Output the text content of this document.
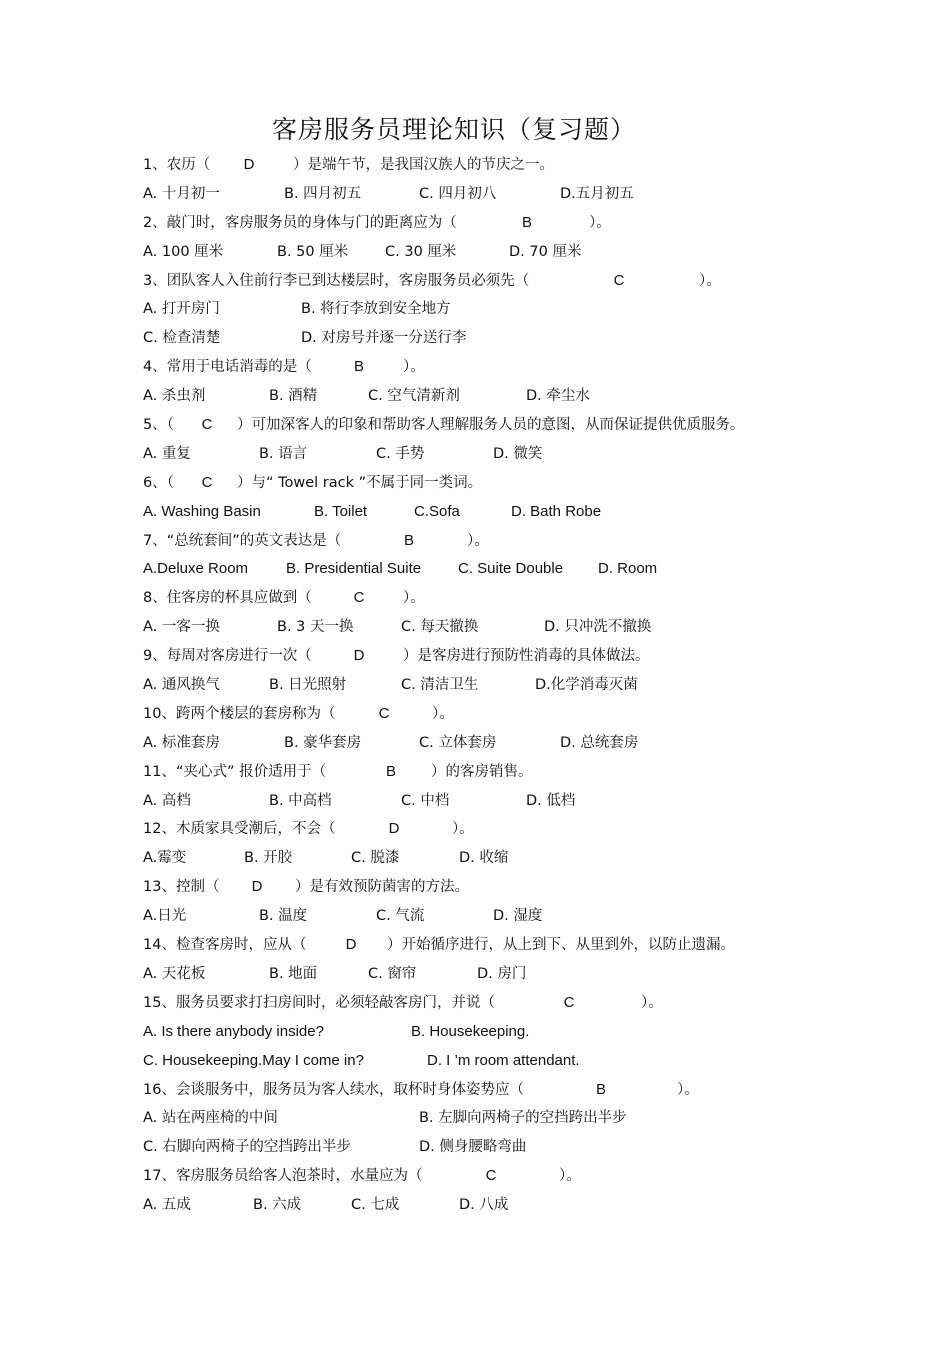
客房服务员理论知识（复习题）
1、农历（	D	）是端午节，是我国汉族人的节庆之一。
A. 十月初一	B. 四月初五	C. 四月初八	D.五月初五
2、敲门时，客房服务员的身体与门的距离应为（	B	）。
A. 100 厘米	B. 50 厘米	C. 30 厘米	D. 70 厘米
3、团队客人入住前行李已到达楼层时，客房服务员必须先（	C	）。
A. 打开房门	B. 将行李放到安全地方
C. 检查清楚	D. 对房号并逐一分送行李
4、常用于电话消毒的是（	B	）。
A. 杀虫剂	B. 酒精	C. 空气清新剂	D. 牵尘水
5、（	C	）可加深客人的印象和帮助客人理解服务人员的意图，从而保证提供优质服务。
A. 重复	B. 语言	C. 手势	D. 微笑
6、（	C	）与“ Towel rack ”不属于同一类词。
A. Washing Basin	B. Toilet	C.Sofa	D. Bath Robe
7、“总统套间”的英文表达是（	B	）。
A.Deluxe Room	B. Presidential Suite C. Suite Double D. Room
8、住客房的杯具应做到（	C	）。
A. 一客一换	B. 3 天一换	C. 每天撤换	D. 只冲洗不撤换
9、每周对客房进行一次（	D	）是客房进行预防性消毒的具体做法。
A. 通风换气	B. 日光照射	C. 清洁卫生	D.化学消毒灭菌
10、跨两个楼层的套房称为（	C	）。
A. 标准套房	B. 豪华套房	C. 立体套房	D. 总统套房
11、“夹心式” 报价适用于（	B	）的客房销售。
A. 高档	B. 中高档	C. 中档	D. 低档
12、木质家具受潮后，不会（	D	）。
A.霉变	B. 开胶	C. 脱漆	D. 收缩
13、控制（	D	）是有效预防菌害的方法。
A.日光	B. 温度	C. 气流	D. 湿度
14、检查客房时，应从（	D	）开始循序进行，从上到下、从里到外，以防止遗漏。
A. 天花板	B. 地面	C. 窗帘	D. 房门
15、服务员要求打扫房间时，必须轻敲客房门，并说（	C	）。
A. Is there anybody inside?	B. Housekeeping.
C. Housekeeping.May I come in?	D. I ’m room attendant.
16、会谈服务中，服务员为客人续水，取杯时身体姿势应（	B	）。
A. 站在两座椅的中间	B. 左脚向两椅子的空挡跨出半步
C. 右脚向两椅子的空挡跨出半步	D. 侧身腰略弯曲
17、客房服务员给客人泡茶时，水量应为（	C	）。
A. 五成	B. 六成	C. 七成	D. 八成
